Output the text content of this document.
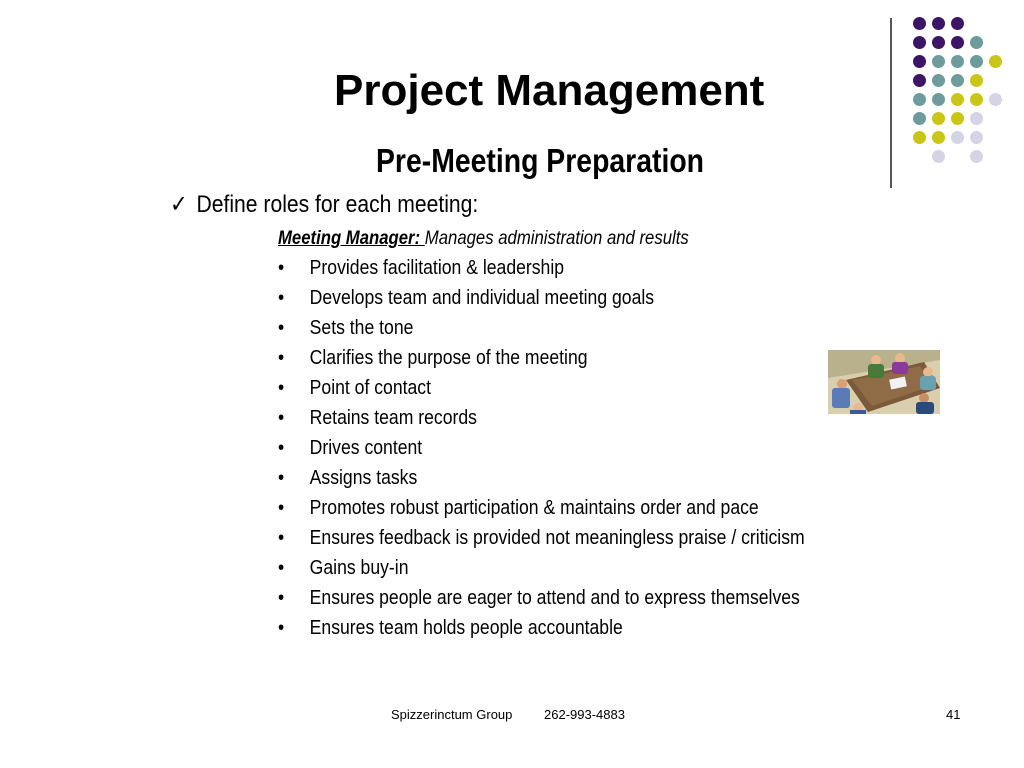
Project Management
Pre-Meeting Preparation
✓ Define roles for each meeting:
Meeting Manager: Manages administration and results
• Provides facilitation & leadership
• Develops team and individual meeting goals
• Sets the tone
• Clarifies the purpose of the meeting
• Point of contact
• Retains team records
• Drives content
• Assigns tasks
• Promotes robust participation & maintains order and pace
• Ensures feedback is provided not meaningless praise / criticism
• Gains buy-in
• Ensures people are eager to attend and to express themselves
• Ensures team holds people accountable
Spizzerinctum Group 262-993-4883	41
